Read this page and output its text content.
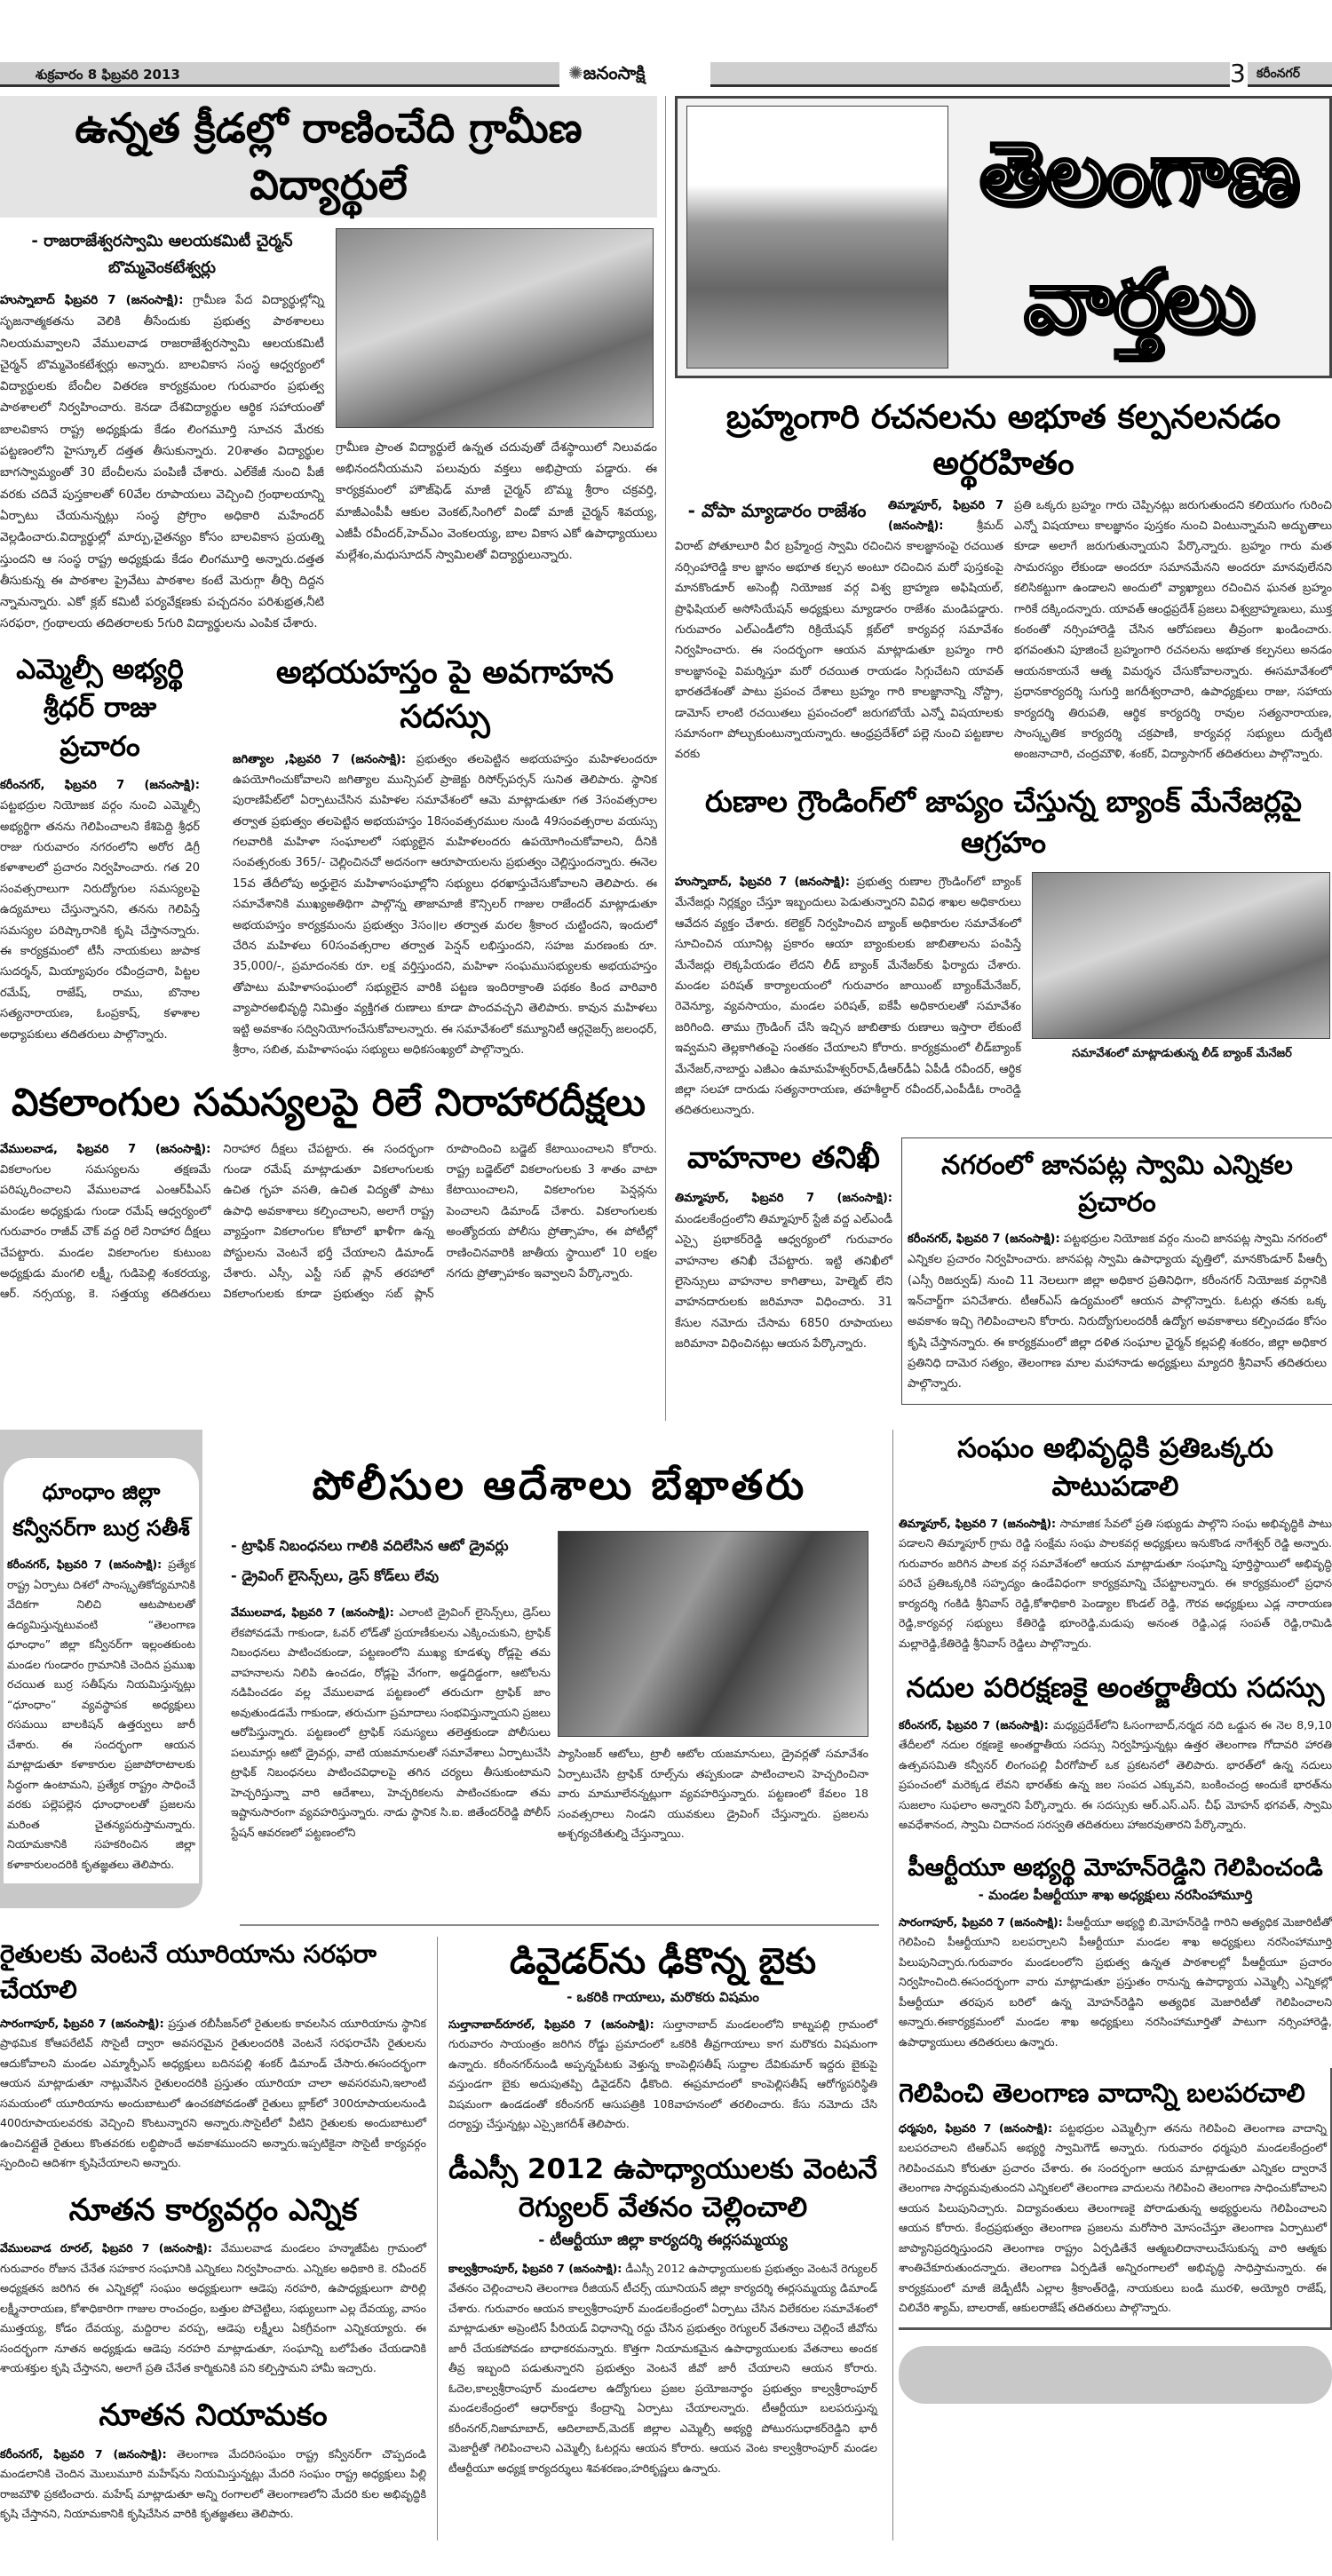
శుక్రవారం 8 ఫిబ్రవరి 2013	✺జనంసాక్షి	3 కరీంనగర్
ఉన్నత క్రీడల్లో రాణించేది గ్రామీణ విద్యార్థులే
- రాజరాజేశ్వరస్వామి ఆలయకమిటీ చైర్మన్
బొమ్మవెంకటేశ్వర్లు
హుస్నాబాద్ ఫిబ్రవరి 7 (జనంసాక్షి): గ్రామీణ పేద విద్యార్థుల్లోన్ని సృజనాత్మకతను వెలికి తీసేందుకు ప్రభుత్వ పాఠశాలలు నిలయమవ్వాలని వేములవాడ రాజరాజేశ్వరస్వామి ఆలయకమిటీ చైర్మన్ బొమ్మవెంకటేశ్వర్లు అన్నారు. బాలవికాస సంస్థ ఆధ్వర్యంలో విద్యార్థులకు బేంచీల వితరణ కార్యక్రమంల గురువారం ప్రభుత్వ పాఠశాలలో నిర్వహించారు. కెనడా దేశవిద్యార్థుల ఆర్థిక సహాయంతో బాలవికాస రాష్ట్ర అధ్యక్షుడు కేడం లింగమూర్తి సూచన మేరకు పట్టణంలోని హైస్కూల్ దత్తత తీసుకున్నారు. 20శాతం విద్యార్థుల బాగస్వామ్యంతో 30 బేంచీలను పంపిణీ చేశారు. ఎల్‌కేజీ నుంచి పీజీ వరకు చదివే పుస్తకాలతో 60వేల రూపాయలు వెచ్చించి గ్రంథాలయాన్ని ఏర్పాటు చేయనున్నట్లు సంస్థ ప్రోగ్రాం అధికారి మహేందర్ వెల్లడించారు.విద్యార్థుల్లో మార్పు,చైతన్యం కోసం బాలవికాస ప్రయత్ని స్తుందని ఆ సంస్థ రాష్ట్ర అధ్యక్షుడు కేడం లింగమూర్తి అన్నారు.దత్తత తీసుకున్న ఈ పాఠశాల ప్రైవేటు పాఠశాల కంటే మెరుగ్గా తీర్చి దిద్దన న్నామన్నారు. ఎకో క్లబ్ కమిటీ పర్యవేక్షణకు పచ్చదనం పరిశుభ్రత,నీటి సరఫరా, గ్రంథాలయ తదితరాలకు 5గురి విద్యార్థులను ఎంపిక చేశారు.
గ్రామీణ ప్రాంత విద్యార్థులే ఉన్నత చదువుతో దేశస్థాయిలో నిలువడం అభినందనీయమని పలువురు వక్తలు అభిప్రాయ పడ్డారు. ఈ కార్యక్రమంలో హౌజ్‌ఫెడ్ మాజీ చైర్మన్ బొమ్మ శ్రీరాం చక్రవర్తి, మాజీఎంపీపీ ఆకుల వెంకట్,సింగిలో విండో మాజీ చైర్మన్ శివయ్య, ఎజీపీ రవీందర్,హెచ్‌ఎం వెంకలయ్య, బాల వికాస ఎకో ఉపాధ్యాయులు మల్లేశం,మధుసూదన్ స్వామిలతో విద్యార్థులున్నారు.
ఎమ్మెల్సీ అభ్యర్థి
శ్రీధర్ రాజు ప్రచారం
కరీంనగర్, ఫిబ్రవరి 7 (జనంసాక్షి): పట్టభద్రుల నియోజక వర్గం నుంచి ఎమ్మెల్సీ అభ్యర్థిగా తనను గెలిపించాలని కేశిపెద్ది శ్రీధర్ రాజు గురువారం నగరంలోని అరోర డిగ్రీ కళాశాలలో ప్రచారం నిర్వహించారు. గత 20 సంవత్సరాలుగా నిరుద్యోగుల సమస్యలపై ఉద్యమాలు చేస్తున్నానని, తనను గెలిపిస్తే సమస్యల పరిష్కారానికి కృషి చేస్తానన్నారు. ఈ కార్యక్రమంలో టీసీ నాయకులు జుపాక సుదర్శన్, మియ్యాపురం రవీంద్రచారి, పిట్టల రమేష్, రాజేష్, రాము, బొనాల సత్యనారాయణ, ఓంప్రకాష్, కళాశాల అధ్యాపకులు తదితరులు పాల్గొన్నారు.
అభయహస్తం పై అవగాహన సదస్సు
జగిత్యాల ,ఫిబ్రవరి 7 (జనంసాక్షి): ప్రభుత్వం తలపెట్టిన అభయహస్తం మహిళలందరూ ఉపయోగించుకోవాలని జగిత్యాల మున్సిపల్ ప్రాజెక్టు రిసోర్స్‌పర్సన్ సునిత తెలిపారు. స్థానిక పురాణిపేట్‌లో ఏర్పాటుచేసిన మహిళల సమావేశంలో ఆమె మాట్లాడుతూ గత 3సంవత్సరాల తర్వాత ప్రభుత్వం తలపెట్టిన అభయహస్తం 18సంవత్సరముల నుండి 49సంవత్సరాల వయస్సు గలవారికి మహిళా సంఘాలలో సభ్యులైన మహిళలందరు ఉపయోగించుకోవాలని, దీనికి సంవత్సరంకు 365/- చెల్లించినచో అదనంగా ఆరూపాయలను ప్రభుత్వం చెల్లిస్తుందన్నారు. ఈనెల 15వ తేదీలోపు అర్హులైన మహిళాసంఘాల్లోని సభ్యులు ధరఖాస్తుచేసుకోవాలని తెలిపారు. ఈ సమావేశానికి ముఖ్యఅతిథిగా పాల్గొన్న తాజామాజీ కౌన్సిలర్ గాజుల రాజేందర్ మాట్లాడుతూ అభయహస్తం కార్యక్రమంను ప్రభుత్వం 3సం॥ల తర్వాత మరల శ్రీకాంర చుట్టిందని, ఇందులో చేరిన మహిళలు 60సంవత్సరాల తర్వాత పెన్షన్ లభిస్తుందని, సహజ మరణంకు రూ. 35,000/-, ప్రమాదంనకు రూ. లక్ష వర్తిస్తుందని, మహిళా సంఘముసభ్యులకు అభయహస్తం తోపాటు మహిళాసంఘంలో సభ్యులైన వారికి పట్టణ ఇందిరాక్రాంతి పథకం కింద వారివారి వ్యాపారఅభివృద్ధి నిమిత్తం వ్యక్తిగత రుణాలు కూడా పొందవచ్చని తెలిపారు. కావున మహిళలు ఇట్టి అవకాశం సద్వినియోగంచేసుకోవాలన్నారు. ఈ సమావేశంలో కమ్యూనిటీ ఆర్గనైజర్స్ జలంధర్, శ్రీరాం, సబిత, మహిళాసంఘ సభ్యులు అధికసంఖ్యలో పాల్గొన్నారు.
వికలాంగుల సమస్యలపై రిలే నిరాహారదీక్షలు
వేములవాడ, ఫిబ్రవరి 7 (జనంసాక్షి): వికలాంగుల సమస్యలను తక్షణమే పరిష్కరించాలని వేములవాడ ఎంఆర్‌పీఎస్ మండల అధ్యక్షుడు గుండా రమేష్ ఆధ్వర్యంలో గురువారం రాజీవ్ చౌక్ వద్ద రిలే నిరాహార దీక్షలు చేపట్టారు. మండల వికలాంగుల కుటుంబ అధ్యక్షుడు మంగలి లక్ష్మీ, గుడిపెల్లి శంకరయ్య, ఆర్. నర్సయ్య, కె. సత్తయ్య తదితరులు నిరాహార దీక్షలు చేపట్టారు. ఈ సందర్భంగా గుండా రమేష్ మాట్లాడుతూ వికలాంగులకు ఉచిత గృహ వసతి, ఉచిత విద్యతో పాటు ఉపాధి అవకాశాలు కల్పించాలని, అలాగే రాష్ట్ర వ్యాప్తంగా వికలాంగుల కోటాలో ఖాళీగా ఉన్న పోస్టులను వెంటనే భర్తీ చేయాలని డిమాండ్ చేశారు. ఎస్సీ, ఎస్టీ సబ్ ప్లాన్ తరహాలో వికలాంగులకు కూడా ప్రభుత్వం సబ్ ప్లాన్ రూపొందించి బడ్జెట్ కేటాయించాలని కోరారు. రాష్ట్ర బడ్జెట్‌లో వికలాంగులకు 3 శాతం వాటా కేటాయించాలని, వికలాంగుల పెన్షన్లను పెంచాలని డిమాండ్ చేశారు. వికలాంగులకు అంత్యోదయ పోలీసు ప్రోత్సాహం, ఈ పోటీల్లో రాణించినవారికి జాతీయ స్థాయిలో 10 లక్షల నగదు ప్రోత్సాహకం ఇవ్వాలని పేర్కొన్నారు.
తెలంగాణ
వార్తలు
బ్రహ్మంగారి రచనలను అభూత కల్పనలనడం అర్థరహితం
- వోపా మ్యాడారం రాజేశం	తిమ్మాపూర్, ఫిబ్రవరి 7 (జనంసాక్షి):	శ్రీమద్ విరాట్ పోతూలూరి వీర బ్రహ్మేంద్ర స్వామి రచించిన కాలజ్ఞానంపై రచయిత నర్సింహారెడ్డి కాల జ్ఞానం అభూత కల్పన అంటూ రచించిన మరో పుస్తకంపై మానకొండూర్ అసెంబ్లీ నియోజక వర్గ విశ్వ బ్రాహ్మణ అఫిషియల్, ప్రొఫిషియల్ అసోసియేషన్ అధ్యక్షులు మ్యాడారం రాజేశం మండిపడ్డారు. గురువారం ఎల్‌ఎండీలోని రిక్రియేషన్ క్లబ్‌లో కార్యవర్గ సమావేశం నిర్వహించారు. ఈ సందర్భంగా ఆయన మాట్లాడుతూ బ్రహ్మం గారి కాలజ్ఞానంపై విమర్శిస్తూ మరో రచయిత రాయడం సిగ్గుచేటని యావత్ భారతదేశంతో పాటు ప్రపంచ దేశాలు బ్రహ్మం గారి కాలజ్ఞానాన్ని నోస్ట్రా, డామోస్ లాంటి రచయితలు ప్రపంచంలో జరుగబోయే ఎన్నో విషయాలకు సమానంగా పోల్చుకుంటున్నాయన్నారు. ఆంధ్రప్రదేశ్‌లో పల్లె నుంచి పట్టణాల వరకు
ప్రతి ఒక్కరు బ్రహ్మం గారు చెప్పినట్లు జరుగుతుందని కలియుగం గురించి ఎన్నో విషయాలు కాలజ్ఞానం పుస్తకం నుంచి వింటున్నామని అద్భుతాలు కూడా అలాగే జరుగుతున్నాయని పేర్కొన్నారు. బ్రహ్మం గారు మత సామరస్యం లేకుండా అందరూ సమానమేనని అందరూ మానవులేనని కలిసికట్టుగా ఉండాలని అందులో వ్యాఖ్యాలు రచించిన ఘనత బ్రహ్మం గారికే దక్కిందన్నారు. యావత్ ఆంధ్రప్రదేశ్ ప్రజలు విశ్వబ్రాహ్మణులు, ముక్త కంఠంతో నర్సింహారెడ్డి చేసిన ఆరోపణలు తీవ్రంగా ఖండించారు. భగవంతుని పూజించే బ్రహ్మంగారి రచనలను అభూత కల్పనలు అనడం ఆయనకాయనే ఆత్మ విమర్శన చేసుకోవాలన్నారు. ఈసమావేశంలో ప్రధానకార్యదర్శి సుగుర్తి జగదీశ్వరాచారి, ఉపాధ్యక్షులు రాజు, సహాయ కార్యదర్శి తిరుపతి, ఆర్థిక కార్యదర్శి రావుల సత్యనారాయణ, సాంస్కృతిక కార్యదర్శి చక్రపాణి, కార్యవర్గ సభ్యులు దుర్శేటి అంజనాచారి, చంద్రమౌళి, శంకర్, విద్యాసాగర్ తదితరులు పాల్గొన్నారు.
రుణాల గ్రౌండింగ్‌లో జాప్యం చేస్తున్న బ్యాంక్ మేనేజర్లపై ఆగ్రహం
హుస్నాబాద్, ఫిబ్రవరి 7 (జనంసాక్షి): ప్రభుత్వ రుణాల గ్రౌండింగ్‌లో బ్యాంక్ మేనేజర్లు నిర్లక్ష్యం చేస్తూ ఇబ్బందులు పెడుతున్నారని వివిధ శాఖల అధికారులు ఆవేదన వ్యక్తం చేశారు. కలెక్టర్ నిర్వహించిన బ్యాంక్ అధికారుల సమావేశంలో సూచించిన యూనిట్ల ప్రకారం ఆయా బ్యాంకులకు జాబితాలను పంపిస్తే మేనేజర్లు లెక్కపేయడం లేదని లీడ్ బ్యాంక్ మేనేజర్‌కు ఫిర్యాదు చేశారు. మండల పరిషత్ కార్యాలయంలో గురువారం జాయింట్ బ్యాంక్‌మేనేజర్, రెవెన్యూ, వ్యవసాయం, మండల పరిషత్, ఐకేపీ అధికారులతో సమావేశం జరిగింది. తాము గ్రౌండింగ్ చేసి ఇచ్చిన జాబితాకు రుణాలు ఇస్తారా లేకుంటే ఇవ్వమని తెల్లకాగితంపై సంతకం చేయాలని కోరారు. కార్యక్రమంలో లీడ్‌బ్యాంక్ మేనేజర్,నాబార్డు ఎజీఎం ఉమామహేశ్వర్‌రావ్,డీఆర్‌డీఏ ఏపీడీ రవీందర్, ఆర్థిక జిల్లా సలహా దారుడు సత్యనారాయణ, తహశీల్దార్ రవీందర్,ఎంపీడీఓ రాంరెడ్డి తదితరులున్నారు.
సమావేశంలో మాట్లాడుతున్న లీడ్ బ్యాంక్ మేనేజర్
వాహనాల తనిఖీ
తిమ్మాపూర్, ఫిబ్రవరి 7 (జనంసాక్షి): మండలకేంద్రంలోని తిమ్మాపూర్ స్టేజీ వద్ద ఎల్‌ఎండీ ఎస్సై ప్రభాకర్‌రెడ్డి ఆధ్వర్యంలో గురువారం వాహనాల తనిఖీ చేపట్టారు. ఇట్టి తనిఖీలో లైసెన్సులు వాహనాల కాగితాలు, హెల్మెట్ లేని వాహనదారులకు జరిమానా విధించారు. 31 కేసుల నమోదు చేసామ 6850 రూపాయలు జరిమానా విధించినట్లు ఆయన పేర్కొన్నారు.
నగరంలో జానపట్ల స్వామి ఎన్నికల ప్రచారం
కరీంనగర్, ఫిబ్రవరి 7 (జనంసాక్షి): పట్టభద్రుల నియోజక వర్గం నుంచి జానపట్ల స్వామి నగరంలో ఎన్నికల ప్రచారం నిర్వహించారు. జానపట్ల స్వామి ఉపాధ్యాయ వృత్తిలో, మానకొండూర్ పీఆర్పీ (ఎస్సీ రిజర్వుడ్) నుంచి 11 నెలలుగా జిల్లా అధికార ప్రతినిధిగా, కరీంనగర్ నియోజక వర్గానికి ఇన్‌చార్జ్‌గా పనిచేశారు. టీఆర్ఎస్ ఉద్యమంలో ఆయన పాల్గొన్నారు. ఓటర్లు తనకు ఒక్క అవకాశం ఇచ్చి గెలిపించాలని కోరారు. నిరుద్యోగులందరికీ ఉద్యోగ అవకాశాలు కల్పించడం కోసం కృషి చేస్తానన్నారు. ఈ కార్యక్రమంలో జిల్లా దళిత సంఘాల ఛైర్మన్ కల్లపల్లి శంకరం, జిల్లా అధికార ప్రతినిధి దామెర సత్యం, తెలంగాణ మాల మహానాడు అధ్యక్షులు మ్యాదరి శ్రీనివాస్ తదితరులు పాల్గొన్నారు.
ధూంధాం జిల్లా
కన్వీనర్‌గా బుర్ర సతీశ్
కరీంనగర్, ఫిబ్రవరి 7 (జనంసాక్షి): ప్రత్యేక రాష్ట్ర ఏర్పాటు దిశలో సాంస్కృతికోద్యమానికి వేదికగా నిలిచి ఆటపాటలతో ఉద్యమిస్తున్నటువంటి “తెలంగాణ ధూంధాం” జిల్లా కన్వీనర్‌గా ఇల్లంతకుంట మండల గుండారం గ్రామానికి చెందిన ప్రముఖ రచయిత బుర్ర సతీష్‌ను నియమిస్తున్నట్లు “ధూంధాం” వ్యవస్థాపక అధ్యక్షులు రసమయి బాలకిషన్ ఉత్తర్వులు జారీ చేశారు. ఈ సందర్భంగా ఆయన మాట్లాడుతూ కళాకారుల ప్రజాపోరాటాలకు సిద్ధంగా ఉంటామని, ప్రత్యేక రాష్ట్రం సాధించే వరకు పల్లెపల్లెన ధూంధాంలతో ప్రజలను మరింత చైతన్యపరుస్తామన్నారు. నియామకానికి సహకరించిన జిల్లా కళాకారులందరికి కృతజ్ఞతలు తెలిపారు.
పోలీసుల ఆదేశాలు బేఖాతరు
- ట్రాఫిక్ నిబంధనలు గాలికి వదిలేసిన ఆటో డ్రైవర్లు
- డ్రైవింగ్ లైసెన్స్‌లు, డ్రెస్ కోడ్‌లు లేవు
వేములవాడ, ఫిబ్రవరి 7 (జనంసాక్షి): ఎలాంటి డ్రైవింగ్ లైసెన్స్‌లు, డ్రెస్‌లు లేకపోవడమే గాకుండా, ఓవర్ లోడ్‌తో ప్రయాణీకులను ఎక్కించుకుని, ట్రాఫిక్ నిబంధనలు పాటించకుండా, పట్టణంలోని ముఖ్య కూడళ్ళు రోడ్లపై తమ వాహనాలను నిలిపి ఉంచడం, రోడ్లపై వేగంగా, అడ్డదిడ్డంగా, ఆటోలను నడిపించడం వల్ల వేములవాడ పట్టణంలో తరుచుగా ట్రాఫిక్ జాం అవుతుండడమే గాకుండా, తరుచుగా ప్రమాదాలు సంభవిస్తున్నాయని ప్రజలు ఆరోపిస్తున్నారు. పట్టణంలో ట్రాఫిక్ సమస్యలు తలెత్తకుండా పోలీసులు పలుమార్లు ఆటో డ్రైవర్లు, వాటి యజమానులతో సమావేశాలు ఏర్పాటుచేసి ట్రాఫిక్ నిబంధనలు పాటించవిధాలపై తగిన చర్యలు తీసుకుంటామని హెచ్చరిస్తున్నా వారి ఆదేశాలు, హెచ్చరికలను పాటించకుండా తమ ఇష్టానుసారంగా వ్యవహరిస్తున్నారు. నాడు స్థానిక సి.ఐ. జితేందర్‌రెడ్డి పోలీస్ స్టేషన్ ఆవరణలో పట్టణంలోని
ప్యాసింజర్ ఆటోలు, ట్రాలీ ఆటోల యజమానులు, డ్రైవర్లతో సమావేశం ఏర్పాటుచేసి ట్రాఫిక్ రూల్స్‌ను తప్పకుండా పాటించాలని హెచ్చరించినా వారు మామూలేనన్నట్లుగా వ్యవహరిస్తున్నారు. పట్టణంలో కేవలం 18 సంవత్సరాలు నిండని యువకులు డ్రైవింగ్ చేస్తున్నారు. ప్రజలను అశ్చర్యచకితుల్ని చేస్తున్నాయి.
రైతులకు వెంటనే యూరియాను సరఫరా చేయాలి
సారంగాపూర్, ఫిబ్రవరి 7 (జనంసాక్షి): ప్రస్తుత రబీసీజన్‌లో రైతులకు కావలసిన యూరియాను స్థానిక ప్రాథమిక కోఆపరేటివ్ సొసైటీ ద్వారా అవసరమైన రైతులందరికి వెంటనే సరఫరాచేసి రైతులను ఆదుకోవాలని మండల ఎమ్మార్పీఎస్ అధ్యక్షులు బదినపల్లి శంకర్ డిమాండ్ చేసారు.ఈసందర్భంగా ఆయన మాట్లాడుతూ నాట్లువేసిన రైతులందరికి ప్రస్తుతం యూరియా చాలా అవసరమని,ఇలాంటి సమయంలో యూరియాను అందుబాటులో ఉంచకపోవడంతో రైతులు బ్లాక్‌లో 300రూపాయలనుండి 400రూపాయలవరకు వెచ్చించి కొంటున్నారని అన్నారు.సొసైటీలో వీటిని రైతులకు అందుబాటులో ఉంచినట్లైతే రైతులు కొంతవరకు లబ్ధిపొందే అవకాశముందని అన్నారు.ఇప్పటికైనా సొసైటీ కార్యవర్గం స్పందించి ఆదిశగా కృషిచేయాలని అన్నారు.
నూతన కార్యవర్గం ఎన్నిక
వేములవాడ రూరల్, ఫిబ్రవరి 7 (జనంసాక్షి): వేములవాడ మండలం హన్మాజీపేట గ్రామంలో గురువారం రోజున చేనేత సహకార సంఘానికి ఎన్నికలు నిర్వహించారు. ఎన్నికల అధికారి కె. రవీందర్ అధ్యక్షతన జరిగిన ఈ ఎన్నికల్లో సంఘం అధ్యక్షులుగా ఆడెపు నరహరి, ఉపాధ్యక్షులుగా పొరిల్లి లక్ష్మీనారాయణ, కోశాధికారిగా గాజుల రాంచంద్రం, బత్తుల పోచెట్టిలు, సభ్యులుగా ఎల్ల దేవయ్య, వాసం ముత్తయ్య, కోడం దేవయ్య, మద్దిరాల వరప్ప, ఆడెపు లక్ష్మీలు ఏకగ్రీవంగా ఎన్నికయ్యారు. ఈ సందర్భంగా నూతన అధ్యక్షుడు ఆడెపు నరహరి మాట్లాడుతూ, సంఘాన్ని బలోపేతం చేయడానికి శాయశక్తుల కృషి చేస్తానని, అలాగే ప్రతి చేనేత కార్మికునికి పని కల్పిస్తామని హామీ ఇచ్చారు.
నూతన నియామకం
కరీంనగర్, ఫిబ్రవరి 7 (జనంసాక్షి): తెలంగాణ మేదరిసంఘం రాష్ట్ర కన్వీనర్‌గా చొప్పదండి మండలానికి చెందిన మొలుమూరి మహేష్‌ను నియమిస్తున్నట్లు మేదరి సంఘం రాష్ట్ర అధ్యక్షులు పిల్లి రాజమౌళి ప్రకటించారు. మహేష్ మాట్లాడుతూ అన్ని రంగాలలో తెలంగాణలోని మేదరి కుల అభివృద్ధికి కృషి చేస్తానని, నియామకానికి కృషిచేసిన వారికి కృతజ్ఞతలు తెలిపారు.
డివైడర్‌ను ఢీకొన్న బైకు
- ఒకరికి గాయాలు, మరొకరు విషమం
సుల్తానాబాద్‌రూరల్, ఫిబ్రవరి 7 (జనంసాక్షి): సుల్తానాబాద్ మండలంలోని కాట్నపల్లి గ్రామంలో గురువారం సాయంత్రం జరిగిన రోడ్డు ప్రమాదంలో ఒకరికి తీవ్రగాయాలు కాగ మరొకరు విషమంగా ఉన్నారు. కరీంనగర్‌నుండి అప్పన్నపేటకు వెళ్తున్న కాంపెల్లిసతీష్ సుద్దాల దేవికుమార్ ఇద్దరు బైకుపై వస్తుండగా బైకు అదుపుతప్పి డివైడర్‌ని ఢీకొంది. ఈప్రమాదంలో కాంపెల్లిసతీష్ ఆరోగ్యపరిస్థితి విషమంగా ఉండడంతో కరీంనగర్ ఆసుపత్రికి 108వాహనంలో తరలించారు. కేసు నమోదు చేసి దర్యాప్తు చేస్తున్నట్లు ఎస్సైజగదీశ్ తెలిపారు.
డీఎస్సీ 2012 ఉపాధ్యాయులకు వెంటనే
రెగ్యులర్ వేతనం చెల్లించాలి
- టీఆర్టీయూ జిల్లా కార్యదర్శి ఈర్లసమ్మయ్య
కాల్వశ్రీరాంపూర్, ఫిబ్రవరి 7 (జనంసాక్షి): డీఎస్సీ 2012 ఉపాధ్యాయులకు ప్రభుత్వం వెంటనే రెగ్యులర్ వేతనం చెల్లించాలని తెలంగాణ రీజియన్ టీచర్స్ యూనియన్ జిల్లా కార్యదర్శి ఈర్లసమ్మయ్య డిమాండ్ చేశారు. గురువారం ఆయన కాల్వశ్రీరాంపూర్ మండలకేంద్రంలో ఏర్పాటు చేసిన విలేకరుల సమావేశంలో మాట్లాడుతూ అప్రెంటిస్ పీరియడ్ విధానాన్ని రద్దు చేసిన ప్రభుత్వం రెగ్యులర్ వేతనాలు చెల్లించే జీవోను జారీ చేయకపోవడం బాధాకరమన్నారు. కొత్తగా నియామకమైన ఉపాధ్యాయులకు వేతనాలు అందక తీవ్ర ఇబ్బంది పడుతున్నారని ప్రభుత్వం వెంటనే జీవో జారీ చేయాలని ఆయన కోరారు. ఓదెల,కాల్వశ్రీరాంపూర్ మండలాల ఉద్యోగులు ప్రజల ప్రయోజనార్థం ప్రభుత్వం కాల్వశ్రీరాంపూర్ మండలకేంద్రంలో ఆధార్‌కార్డు కేంద్రాన్ని ఏర్పాటు చేయాలన్నారు. టీఆర్టీయూ బలపరుస్తున్న కరీంనగర్,నిజామాబాద్, ఆదిలాబాద్,మెదక్ జిల్లాల ఎమ్మెల్సీ అభ్యర్థి పోటురసుధాకర్‌రెడ్డిని భారీ మెజార్టీతో గెలిపించాలని ఎమ్మెల్సీ ఓటర్లను ఆయన కోరారు. ఆయన వెంట కాల్వశ్రీరాంపూర్ మండల టీఆర్టీయూ అధ్యక్ష కార్యదర్శులు శివశరణం,హరికృష్ణలు ఉన్నారు.
సంఘం అభివృద్ధికి ప్రతిఒక్కరు పాటుపడాలి
తిమ్మాపూర్, ఫిబ్రవరి 7 (జనంసాక్షి): సామాజిక సేవలో ప్రతి సభ్యుడు పాల్గొని సంఘ అభివృద్ధికి పాటు పడాలని తిమ్మాపూర్ గ్రామ రెడ్డి సంక్షేమ సంఘ పాలకవర్గ అధ్యక్షులు ఇనుకొండ నాగేశ్వర్ రెడ్డి అన్నారు. గురువారం జరిగిన పాలక వర్గ సమావేశంలో ఆయన మాట్లాడుతూ సంఘాన్ని పూర్తిస్థాయిలో అభివృద్ధి పరిచే ప్రతిఒక్కరికి సహృద్యం ఉండేవిధంగా కార్యక్రమాన్ని చేపట్టాలన్నారు. ఈ కార్యక్రమంలో ప్రధాన కార్యదర్శి గంకిడి శ్రీనివాస్ రెడ్డి,కోశాధికారి పెండ్యాల కొండల్ రెడ్డి, గౌరవ అధ్యక్షులు ఎడ్ల నారాయణ రెడ్డి,కార్యవర్గ సభ్యులు కేతిరెడ్డి భూంరెడ్డి,మడుపు అనంత రెడ్డి,ఎడ్ల సంపత్ రెడ్డి,రామిడి మల్లారెడ్డి,కేతిరెడ్డి శ్రీనివాస్ రెడ్డిలు పాల్గొన్నారు.
నదుల పరిరక్షణకై అంతర్జాతీయ సదస్సు
కరీంనగర్, ఫిబ్రవరి 7 (జనంసాక్షి): మధ్యప్రదేశ్‌లోని ఓసంగాబాద్,నర్మద నది ఒడ్డున ఈ నెల 8,9,10 తేదీలలో నదుల రక్షణకై అంతర్జాతీయ సదస్సు నిర్వహిస్తున్నట్లు ఉత్తర తెలంగాణ గోదావరి హారతి ఉత్సవసమితి కన్వీనర్ లింగంపల్లి వీరగోపాల్ ఒక ప్రకటనలో తెలిపారు. భారత్‌లో ఉన్న నదులు ప్రపంచంలో మరెక్కడ లేవని భారత్‌కు ఉన్న జల సంపద ఎక్కువని, బంకించంద్ర అందుకే భారత్‌ను సుజలాం సుఫలాం అన్నారని పేర్కొన్నారు. ఈ సదస్సుకు ఆర్.ఎస్.ఎస్. చీఫ్ మోహన్ భగవత్, స్వామి అవధేశానంద, స్వామి చిదానంద సరస్వతి తదితరులు హాజరవుతారని పేర్కొన్నారు.
పీఆర్టీయూ అభ్యర్థి మోహన్‌రెడ్డిని గెలిపించండి
- మండల పీఆర్టీయూ శాఖ అధ్యక్షులు నరసింహామూర్తి
సారంగాపూర్, ఫిబ్రవరి 7 (జనంసాక్షి): పీఆర్టీయూ అభ్యర్థి బి.మోహన్‌రెడ్డి గారిని అత్యధిక మెజారిటీతో గెలిపించి పీఆర్టీయూని బలపర్చాలని పీఆర్టీయూ మండల శాఖ అధ్యక్షులు నరసింహామూర్తి పిలుపునిచ్చారు.గురువారం మండలంలోని ప్రభుత్వ ఉన్నత పాఠశాలల్లో పీఆర్టీయూ ప్రచారం నిర్వహించింది.ఈసందర్భంగా వారు మాట్లాడుతూ ప్రస్తుతం రానున్న ఉపాధ్యాయ ఎమ్మెల్సీ ఎన్నికల్లో పీఆర్టీయూ తరపున బరిలో ఉన్న మోహన్‌రెడ్డిని అత్యధిక మెజారిటీతో గెలిపించాలని అన్నారు.ఈకార్యక్రమంలో మండల శాఖ అధ్యక్షులు నరసింహామూర్తితో పాటుగా నర్సింహారెడ్డి, ఉపాధ్యాయులు తదితరులు ఉన్నారు.
గెలిపించి తెలంగాణ వాదాన్ని బలపరచాలి
ధర్మపురి, ఫిబ్రవరి 7 (జనంసాక్షి): పట్టభద్రుల ఎమ్మెల్సీగా తనను గెలిపించి తెలంగాణ వాదాన్ని బలపరచాలని టిఆర్ఎస్ అభ్యర్థి స్వామిగౌడ్ అన్నారు. గురువారం ధర్మపురి మండలకేంద్రంలో గెలిపించమని కోరుతూ ప్రచారం చేశారు. ఈ సందర్భంగా ఆయన మాట్లాడుతూ ఎన్నికల ద్వారానే తెలంగాణ సాధ్యమవుతుందని ఎన్నికలలో తెలంగాణ వాదులను గెలిపించి తెలంగాణ సాధించుకోవాలని ఆయన పిలుపునిచ్చారు. విద్యావంతులు తెలంగాణకై పోరాడుతున్న అభ్యర్థులను గెలిపించాలని ఆయన కోరారు. కేంద్రప్రభుత్వం తెలంగాణ ప్రజలను మరోసారి మోసంచేస్తూ తెలంగాణ ఏర్పాటులో జాప్యానిప్రదర్శిస్తుందని తెలంగాణ రాష్ట్రం ఏర్పడితేనే ఆత్మబలిదానాలుచేసుకున్న వారి ఆత్మకు శాంతిచేకూరుతుందన్నారు. తెలంగాణ ఏర్పడితే అన్నిరంగాలలో అభివృద్ధి సాధిస్తామన్నారు. ఈ కార్యక్రమంలో మాజీ జెడ్పీటీసీ ఎల్లాల శ్రీకాంత్‌రెడ్డి, నాయకులు బండి మురళి, అయ్యోరి రాజేష్, చిలివేరి శ్యామ్, బాలరాజ్, ఆకులరాజేష్ తదితరులు పాల్గొన్నారు.
